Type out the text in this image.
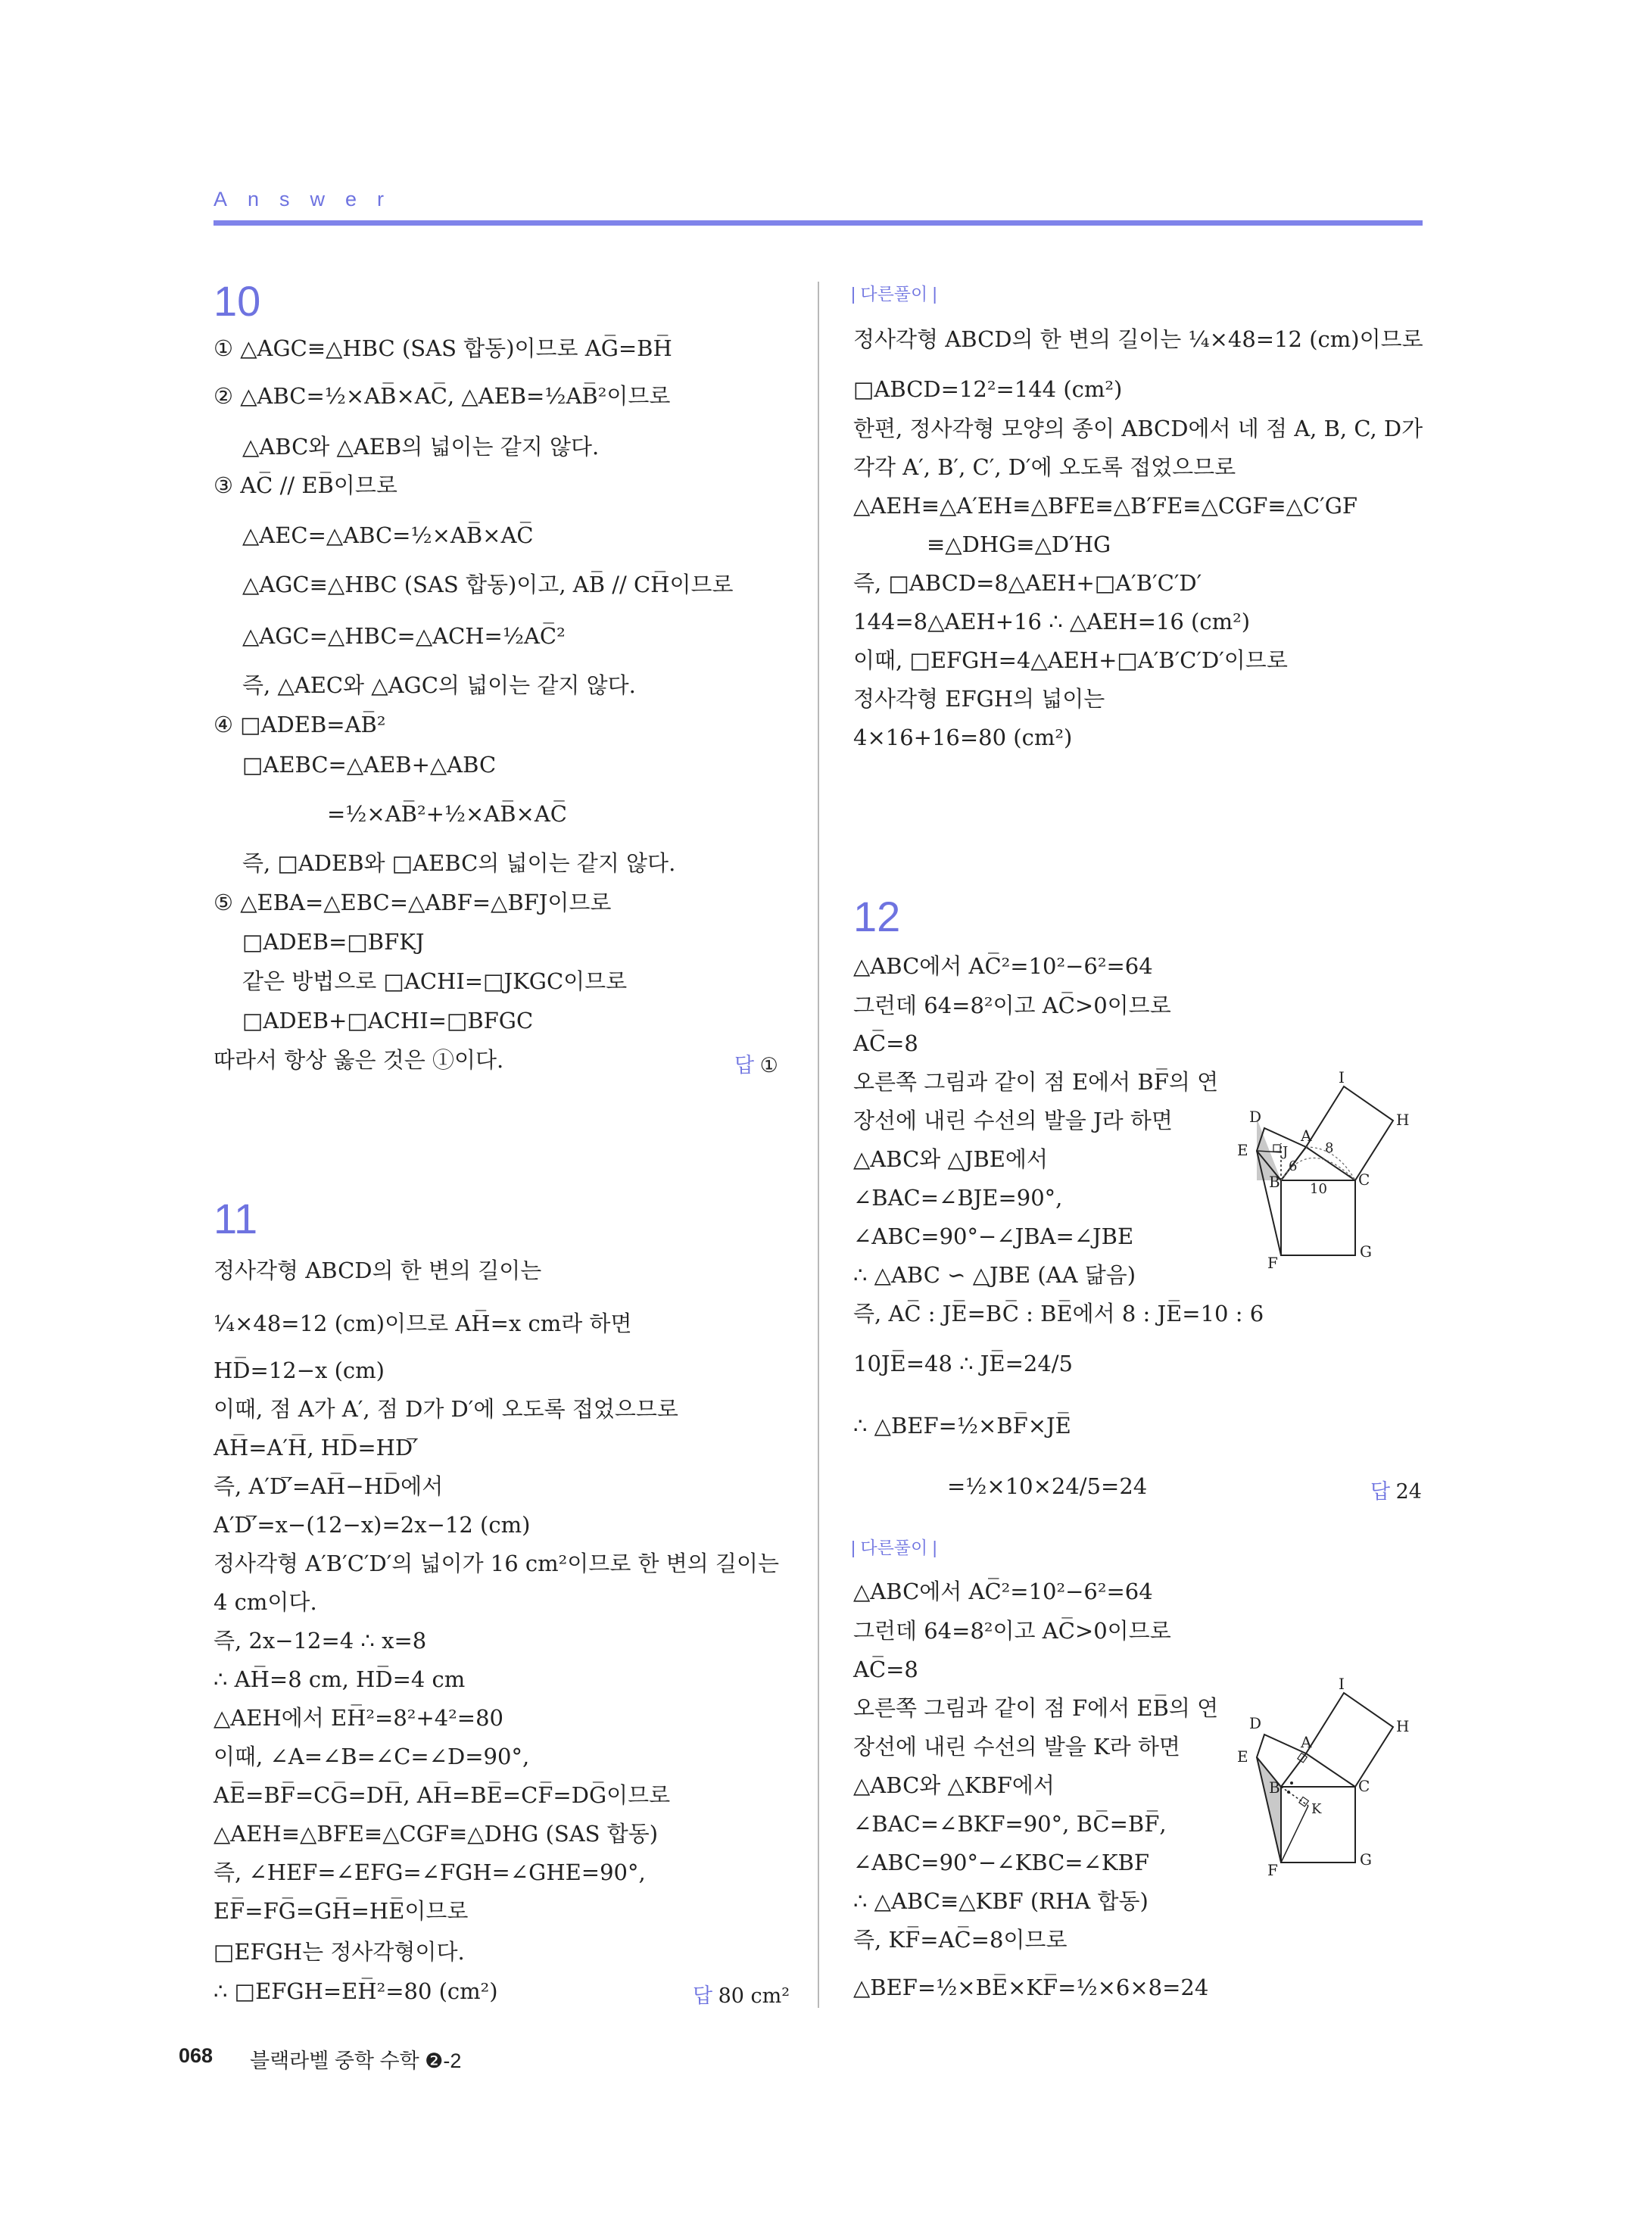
Answer
10
① △AGC≡△HBC (SAS 합동)이므로 AG̅=BH̅
② △ABC=½×AB̅×AC̅, △AEB=½AB̅²이므로
△ABC와 △AEB의 넓이는 같지 않다.
③ AC̅ // EB̅이므로
△AEC=△ABC=½×AB̅×AC̅
△AGC≡△HBC (SAS 합동)이고, AB̅ // CH̅이므로
△AGC=△HBC=△ACH=½AC̅²
즉, △AEC와 △AGC의 넓이는 같지 않다.
④ □ADEB=AB̅²
□AEBC=△AEB+△ABC
=½×AB̅²+½×AB̅×AC̅
즉, □ADEB와 □AEBC의 넓이는 같지 않다.
⑤ △EBA=△EBC=△ABF=△BFJ이므로
□ADEB=□BFKJ
같은 방법으로 □ACHI=□JKGC이므로
□ADEB+□ACHI=□BFGC
따라서 항상 옳은 것은 ①이다.	답 ①
11
정사각형 ABCD의 한 변의 길이는
¼×48=12 (cm)이므로 AH̅=x cm라 하면
HD̅=12−x (cm)
이때, 점 A가 A′, 점 D가 D′에 오도록 접었으므로
AH̅=A′H̅, HD̅=HD′̅
즉, A′D′̅=AH̅−HD̅에서
A′D′̅=x−(12−x)=2x−12 (cm)
정사각형 A′B′C′D′의 넓이가 16 cm²이므로 한 변의 길이는
4 cm이다.
즉, 2x−12=4 ∴ x=8
∴ AH̅=8 cm, HD̅=4 cm
△AEH에서 EH̅²=8²+4²=80
이때, ∠A=∠B=∠C=∠D=90°,
AE̅=BF̅=CG̅=DH̅, AH̅=BE̅=CF̅=DG̅이므로
△AEH≡△BFE≡△CGF≡△DHG (SAS 합동)
즉, ∠HEF=∠EFG=∠FGH=∠GHE=90°,
EF̅=FG̅=GH̅=HE̅이므로
□EFGH는 정사각형이다.
∴ □EFGH=EH̅²=80 (cm²)	답 80 cm²
| 다른풀이 |
정사각형 ABCD의 한 변의 길이는 ¼×48=12 (cm)이므로
□ABCD=12²=144 (cm²)
한편, 정사각형 모양의 종이 ABCD에서 네 점 A, B, C, D가
각각 A′, B′, C′, D′에 오도록 접었으므로
△AEH≡△A′EH≡△BFE≡△B′FE≡△CGF≡△C′GF
≡△DHG≡△D′HG
즉, □ABCD=8△AEH+□A′B′C′D′
144=8△AEH+16 ∴ △AEH=16 (cm²)
이때, □EFGH=4△AEH+□A′B′C′D′이므로
정사각형 EFGH의 넓이는
4×16+16=80 (cm²)
12
△ABC에서 AC̅²=10²−6²=64
그런데 64=8²이고 AC̅>0이므로
AC̅=8
오른쪽 그림과 같이 점 E에서 BF̅의 연
장선에 내린 수선의 발을 J라 하면
△ABC와 △JBE에서
∠BAC=∠BJE=90°,
∠ABC=90°−∠JBA=∠JBE
∴ △ABC ∽ △JBE (AA 닮음)
즉, AC̅ : JE̅=BC̅ : BE̅에서 8 : JE̅=10 : 6
10JE̅=48 ∴ JE̅=24/5
∴ △BEF=½×BF̅×JE̅
=½×10×24/5=24	답 24
| 다른풀이 |
△ABC에서 AC̅²=10²−6²=64
그런데 64=8²이고 AC̅>0이므로
AC̅=8
오른쪽 그림과 같이 점 F에서 EB̅의 연
장선에 내린 수선의 발을 K라 하면
△ABC와 △KBF에서
∠BAC=∠BKF=90°, BC̅=BF̅,
∠ABC=90°−∠KBC=∠KBF
∴ △ABC≡△KBF (RHA 합동)
즉, KF̅=AC̅=8이므로
△BEF=½×BE̅×KF̅=½×6×8=24
I
D
A
H
E	J
B	C
F
G
6
8
10
I
D
A
H
E
B
K
C
F
G
068 블랙라벨 중학 수학 ❷-2
